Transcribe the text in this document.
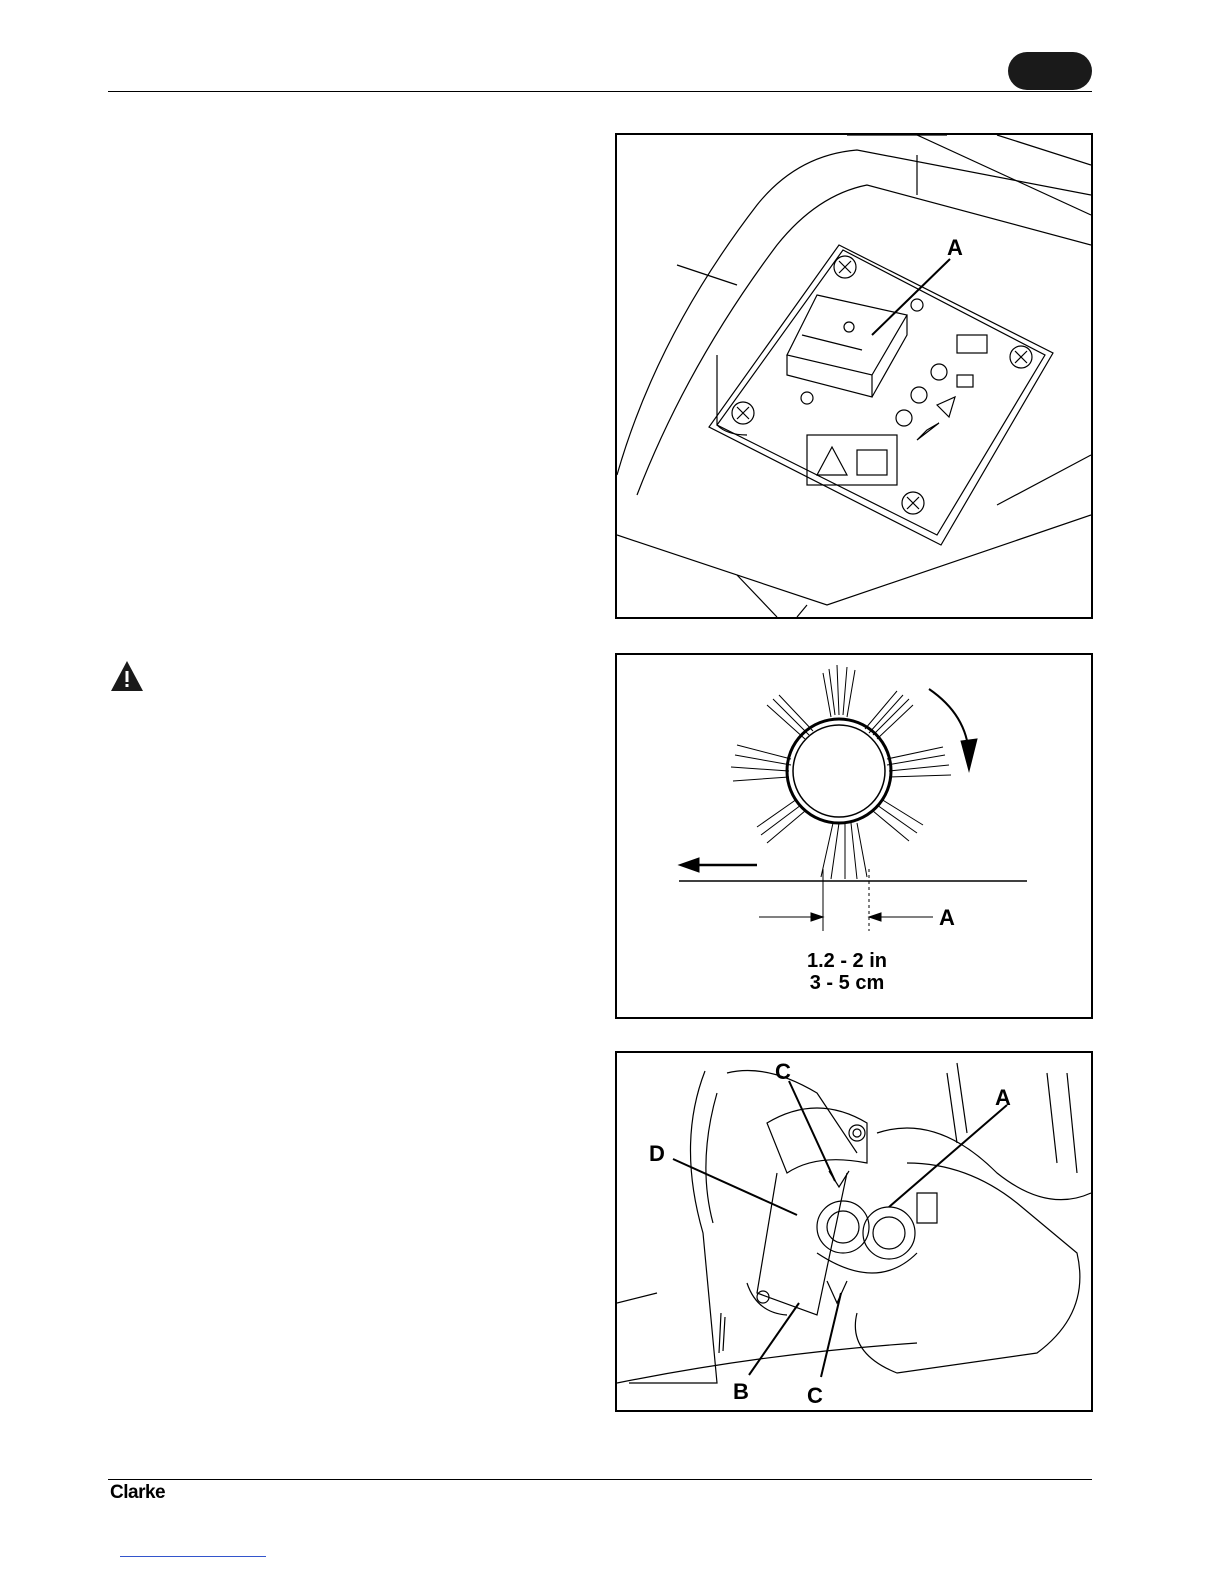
A
A
1.2 - 2 in
3 - 5 cm
C
A
D
B	C
Clarke
